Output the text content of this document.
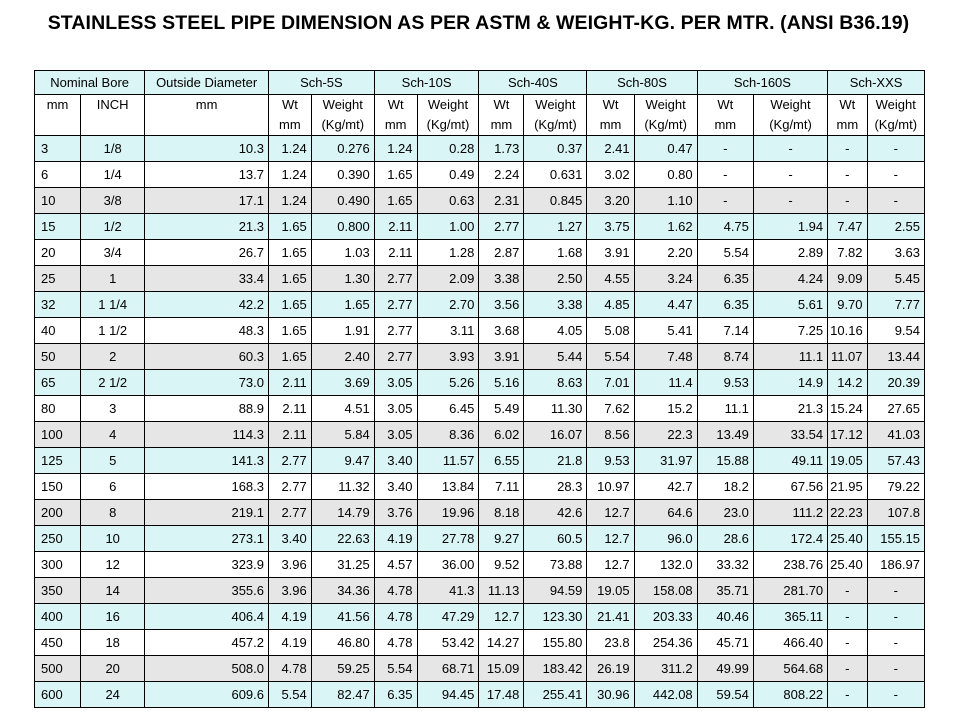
STAINLESS STEEL PIPE DIMENSION AS PER ASTM & WEIGHT-KG. PER MTR. (ANSI B36.19)
Nominal Bore		Outside Diameter	Sch-5S		Sch-10S		Sch-40S		Sch-80S		Sch-160S		Sch-XXS	
mm	INCH	mm	Wt	Weight	Wt	Weight	Wt	Weight	Wt	Weight	Wt	Weight	Wt	Weight
			mm	(Kg/mt)	mm	(Kg/mt)	mm	(Kg/mt)	mm	(Kg/mt)	mm	(Kg/mt)	mm	(Kg/mt)
3	1/8	10.3	1.24	0.276	1.24	0.28	1.73	0.37	2.41	0.47	-	-	-	-
6	1/4	13.7	1.24	0.390	1.65	0.49	2.24	0.631	3.02	0.80	-	-	-	-
10	3/8	17.1	1.24	0.490	1.65	0.63	2.31	0.845	3.20	1.10	-	-	-	-
15	1/2	21.3	1.65	0.800	2.11	1.00	2.77	1.27	3.75	1.62	4.75	1.94	7.47	2.55
20	3/4	26.7	1.65	1.03	2.11	1.28	2.87	1.68	3.91	2.20	5.54	2.89	7.82	3.63
25	1	33.4	1.65	1.30	2.77	2.09	3.38	2.50	4.55	3.24	6.35	4.24	9.09	5.45
32	1 1/4	42.2	1.65	1.65	2.77	2.70	3.56	3.38	4.85	4.47	6.35	5.61	9.70	7.77
40	1 1/2	48.3	1.65	1.91	2.77	3.11	3.68	4.05	5.08	5.41	7.14	7.25	10.16	9.54
50	2	60.3	1.65	2.40	2.77	3.93	3.91	5.44	5.54	7.48	8.74	11.1	11.07	13.44
65	2 1/2	73.0	2.11	3.69	3.05	5.26	5.16	8.63	7.01	11.4	9.53	14.9	14.2	20.39
80	3	88.9	2.11	4.51	3.05	6.45	5.49	11.30	7.62	15.2	11.1	21.3	15.24	27.65
100	4	114.3	2.11	5.84	3.05	8.36	6.02	16.07	8.56	22.3	13.49	33.54	17.12	41.03
125	5	141.3	2.77	9.47	3.40	11.57	6.55	21.8	9.53	31.97	15.88	49.11	19.05	57.43
150	6	168.3	2.77	11.32	3.40	13.84	7.11	28.3	10.97	42.7	18.2	67.56	21.95	79.22
200	8	219.1	2.77	14.79	3.76	19.96	8.18	42.6	12.7	64.6	23.0	111.2	22.23	107.8
250	10	273.1	3.40	22.63	4.19	27.78	9.27	60.5	12.7	96.0	28.6	172.4	25.40	155.15
300	12	323.9	3.96	31.25	4.57	36.00	9.52	73.88	12.7	132.0	33.32	238.76	25.40	186.97
350	14	355.6	3.96	34.36	4.78	41.3	11.13	94.59	19.05	158.08	35.71	281.70	-	-
400	16	406.4	4.19	41.56	4.78	47.29	12.7	123.30	21.41	203.33	40.46	365.11	-	-
450	18	457.2	4.19	46.80	4.78	53.42	14.27	155.80	23.8	254.36	45.71	466.40	-	-
500	20	508.0	4.78	59.25	5.54	68.71	15.09	183.42	26.19	311.2	49.99	564.68	-	-
600	24	609.6	5.54	82.47	6.35	94.45	17.48	255.41	30.96	442.08	59.54	808.22	-	-
